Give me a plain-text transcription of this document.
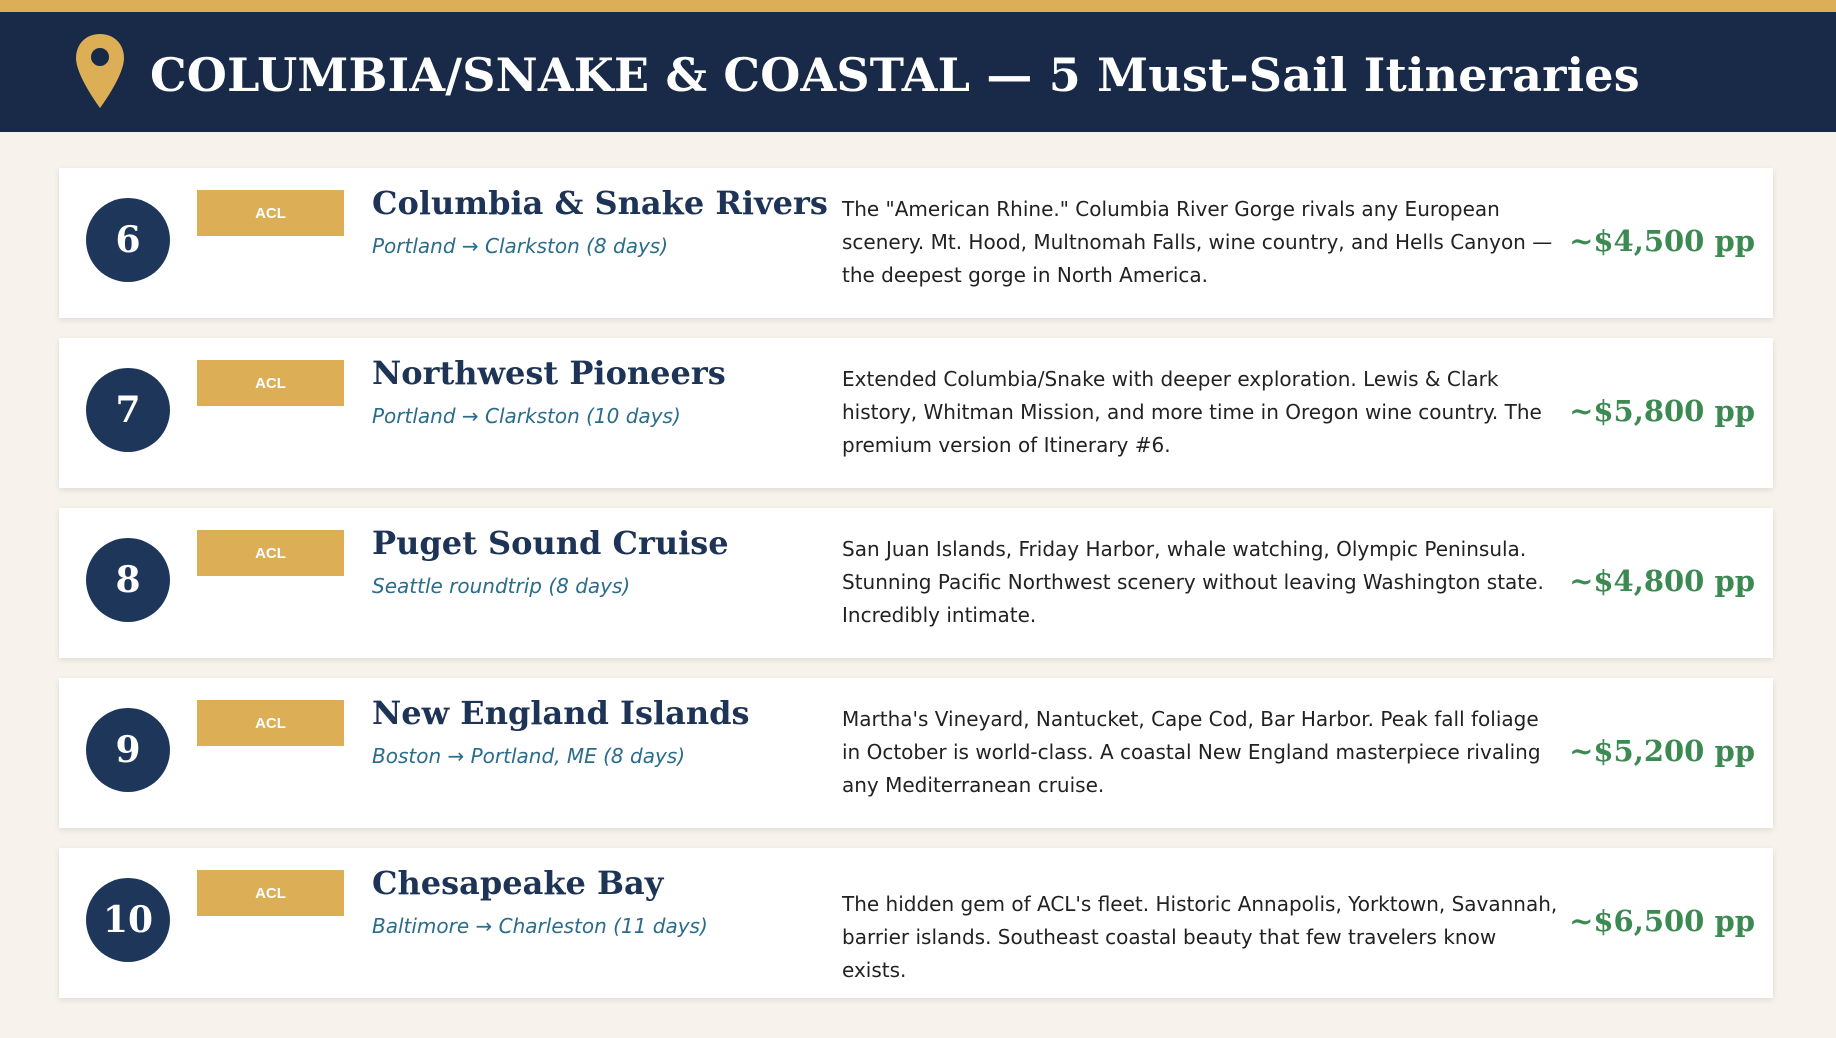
COLUMBIA/SNAKE & COASTAL — 5 Must-Sail Itineraries
6
ACL	Columbia & Snake Rivers
Portland → Clarkston (8 days)
The "American Rhine." Columbia River Gorge rivals any European scenery. Mt. Hood, Multnomah Falls, wine country, and Hells Canyon — the deepest gorge in North America.
~$4,500 pp
7
ACL	Northwest Pioneers
Portland → Clarkston (10 days)
Extended Columbia/Snake with deeper exploration. Lewis & Clark history, Whitman Mission, and more time in Oregon wine country. The premium version of Itinerary #6.
~$5,800 pp
8
ACL	Puget Sound Cruise
Seattle roundtrip (8 days)
San Juan Islands, Friday Harbor, whale watching, Olympic Peninsula. Stunning Pacific Northwest scenery without leaving Washington state. Incredibly intimate.
~$4,800 pp
9
ACL	New England Islands
Boston → Portland, ME (8 days)
Martha's Vineyard, Nantucket, Cape Cod, Bar Harbor. Peak fall foliage in October is world-class. A coastal New England masterpiece rivaling any Mediterranean cruise.
~$5,200 pp
10
ACL	Chesapeake Bay
Baltimore → Charleston (11 days)
The hidden gem of ACL's fleet. Historic Annapolis, Yorktown, Savannah, barrier islands. Southeast coastal beauty that few travelers know exists.
~$6,500 pp
